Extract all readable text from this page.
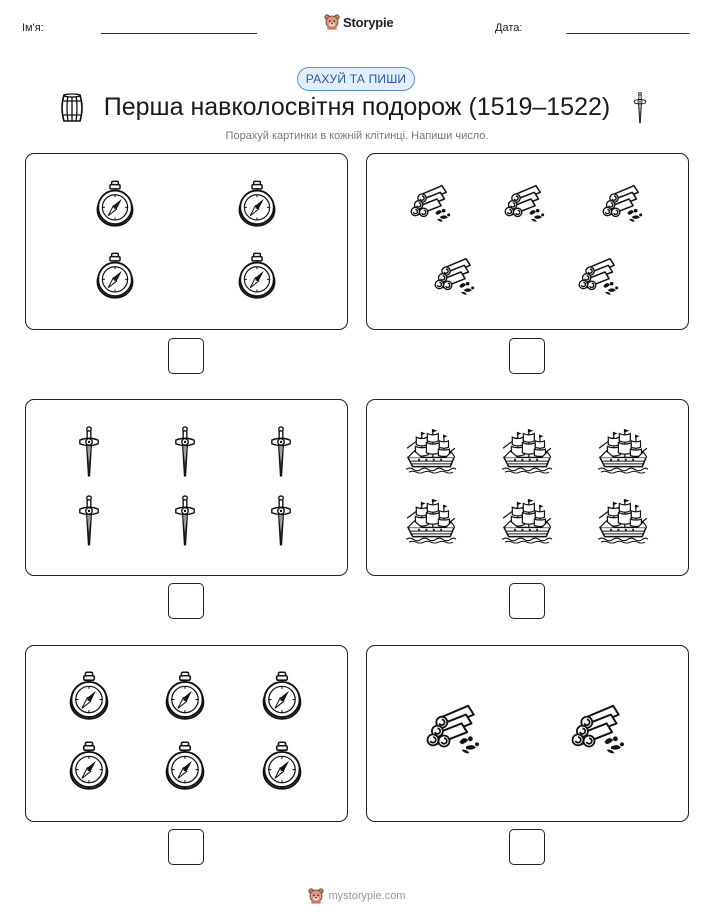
Ім'я:	Storypie	Дата:
РАХУЙ ТА ПИШИ
Перша навколосвітня подорож (1519–1522)
Порахуй картинки в кожній клітинці. Напиши число.
mystorypie.com
